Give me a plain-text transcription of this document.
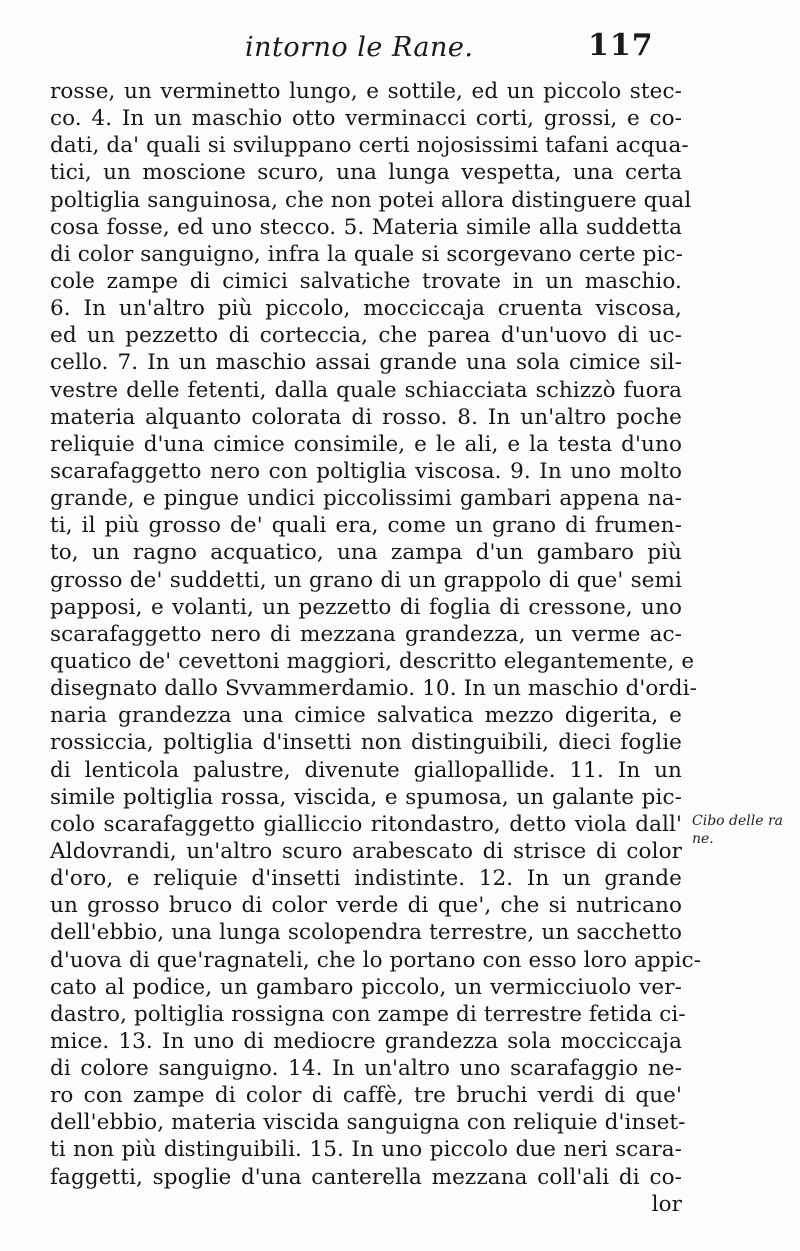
intorno le Rane.	117
rosse, un verminetto lungo, e sottile, ed un piccolo stec-
co. 4. In un maschio otto verminacci corti, grossi, e co-
dati, da' quali si sviluppano certi nojosissimi tafani acqua-
tici, un moscione scuro, una lunga vespetta, una certa
poltiglia sanguinosa, che non potei allora distinguere qual
cosa fosse, ed uno stecco. 5. Materia simile alla suddetta
di color sanguigno, infra la quale si scorgevano certe pic-
cole zampe di cimici salvatiche trovate in un maschio.
6. In un'altro più piccolo, mocciccaja cruenta viscosa,
ed un pezzetto di corteccia, che parea d'un'uovo di uc-
cello. 7. In un maschio assai grande una sola cimice sil-
vestre delle fetenti, dalla quale schiacciata schizzò fuora
materia alquanto colorata di rosso. 8. In un'altro poche
reliquie d'una cimice consimile, e le ali, e la testa d'uno
scarafaggetto nero con poltiglia viscosa. 9. In uno molto
grande, e pingue undici piccolissimi gambari appena na-
ti, il più grosso de' quali era, come un grano di frumen-
to, un ragno acquatico, una zampa d'un gambaro più
grosso de' suddetti, un grano di un grappolo di que' semi
papposi, e volanti, un pezzetto di foglia di cressone, uno
scarafaggetto nero di mezzana grandezza, un verme ac-
quatico de' cevettoni maggiori, descritto elegantemente, e
disegnato dallo Svvammerdamio. 10. In un maschio d'ordi-
naria grandezza una cimice salvatica mezzo digerita, e
rossiccia, poltiglia d'insetti non distinguibili, dieci foglie
di lenticola palustre, divenute giallopallide. 11. In un
simile poltiglia rossa, viscida, e spumosa, un galante pic-
colo scarafaggetto gialliccio ritondastro, detto viola dall'
Aldovrandi, un'altro scuro arabescato di strisce di color
d'oro, e reliquie d'insetti indistinte. 12. In un grande
un grosso bruco di color verde di que', che si nutricano
dell'ebbio, una lunga scolopendra terrestre, un sacchetto
d'uova di que'ragnateli, che lo portano con esso loro appic-
cato al podice, un gambaro piccolo, un vermicciuolo ver-
dastro, poltiglia rossigna con zampe di terrestre fetida ci-
mice. 13. In uno di mediocre grandezza sola mocciccaja
di colore sanguigno. 14. In un'altro uno scarafaggio ne-
ro con zampe di color di caffè, tre bruchi verdi di que'
dell'ebbio, materia viscida sanguigna con reliquie d'inset-
ti non più distinguibili. 15. In uno piccolo due neri scara-
faggetti, spoglie d'una canterella mezzana coll'ali di co-
lor
Cibo delle ra ne.
